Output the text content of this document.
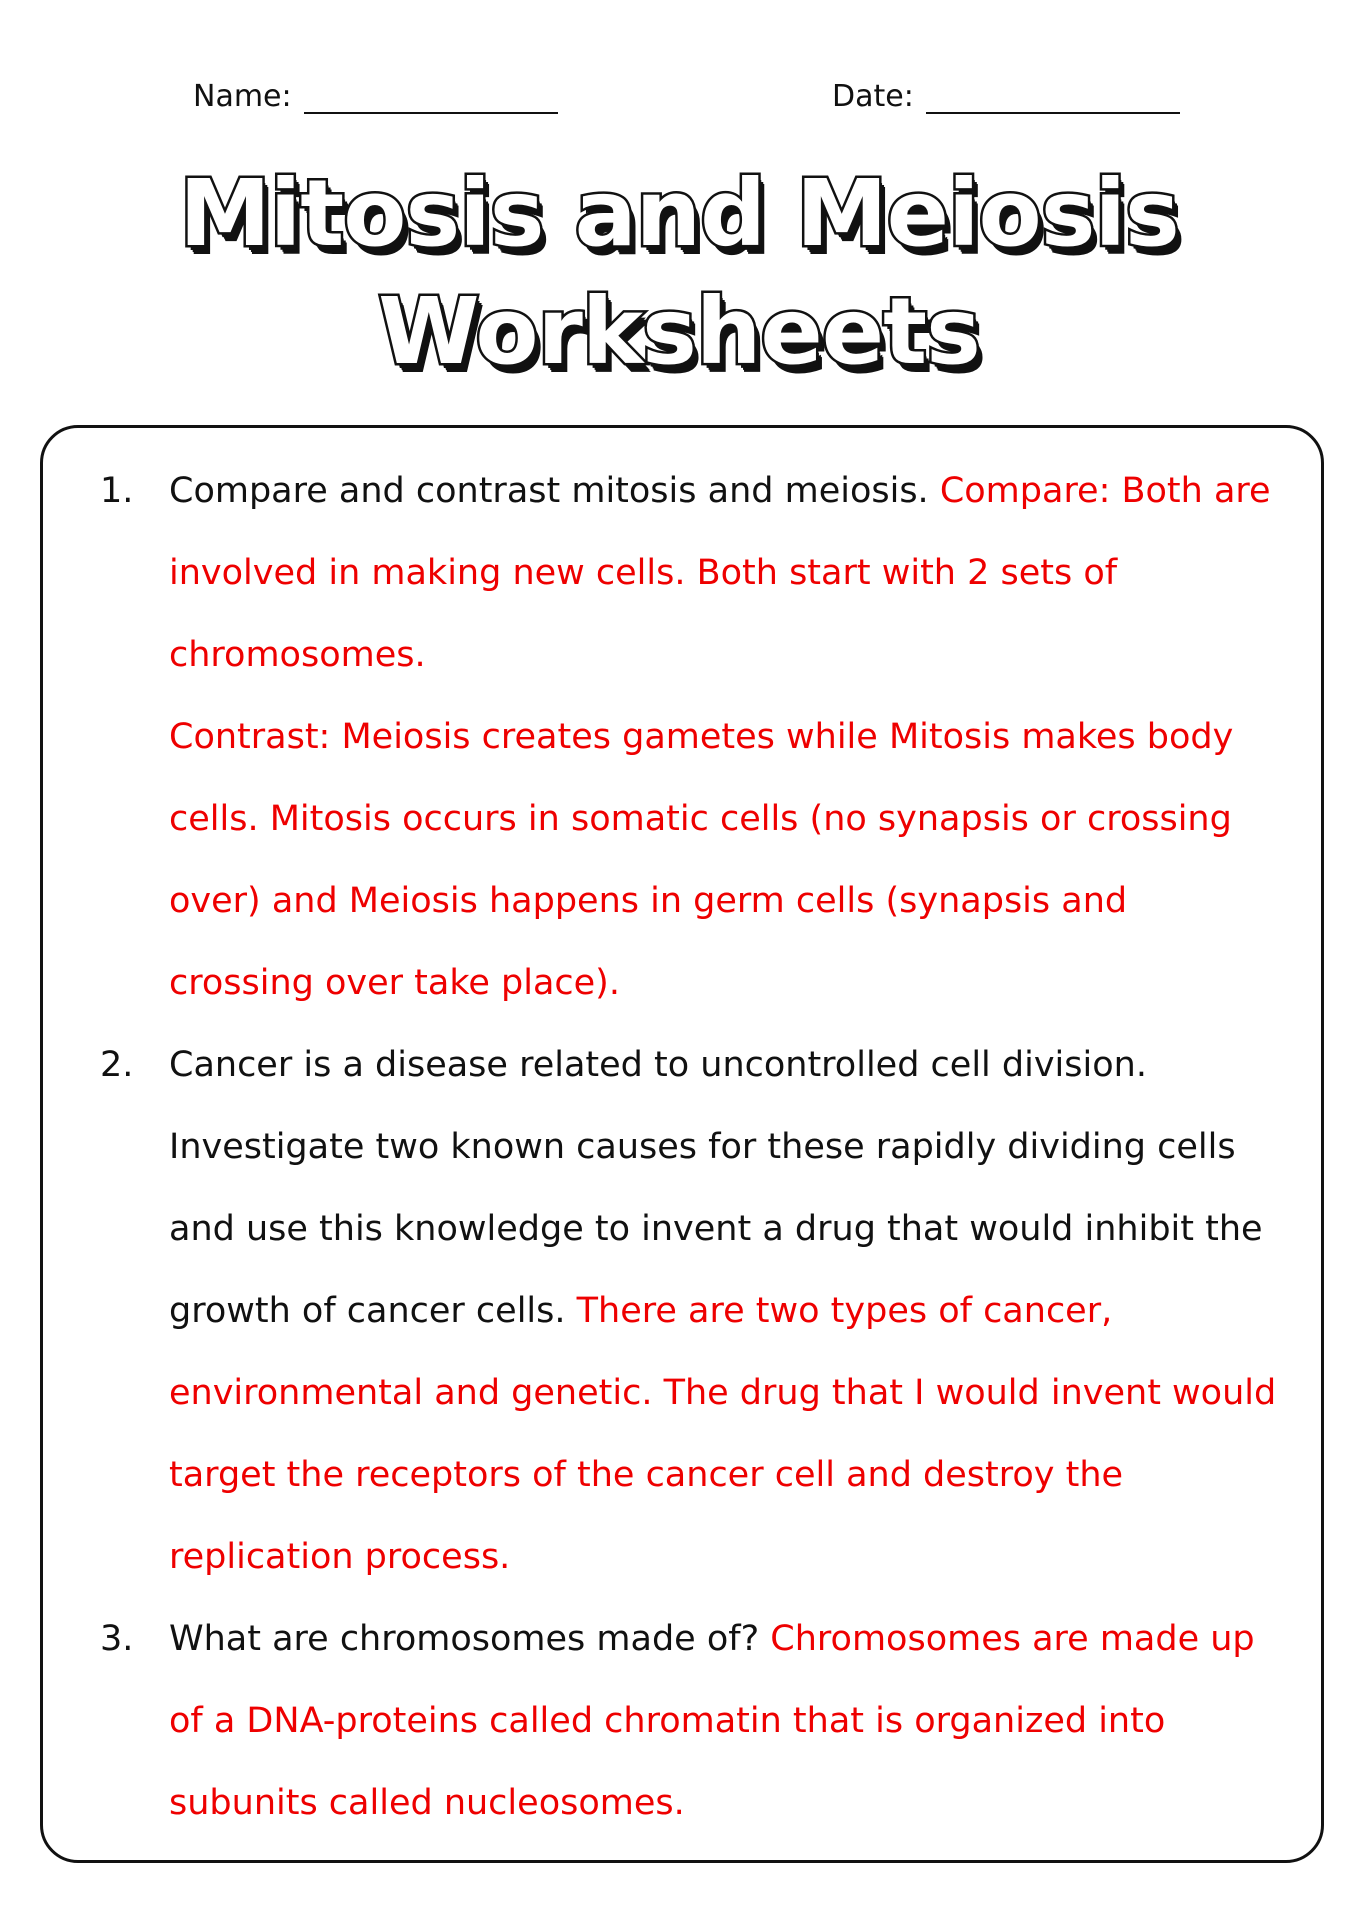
Name:	Date:
Mitosis and Meiosis
Worksheets
1. Compare and contrast mitosis and meiosis. Compare: Both are involved in making new cells. Both start with 2 sets of chromosomes.
Contrast: Meiosis creates gametes while Mitosis makes body cells. Mitosis occurs in somatic cells (no synapsis or crossing over) and Meiosis happens in germ cells (synapsis and crossing over take place).
2. Cancer is a disease related to uncontrolled cell division. Investigate two known causes for these rapidly dividing cells and use this knowledge to invent a drug that would inhibit the growth of cancer cells. There are two types of cancer, environmental and genetic. The drug that I would invent would target the receptors of the cancer cell and destroy the replication process.
3. What are chromosomes made of? Chromosomes are made up of a DNA-proteins called chromatin that is organized into subunits called nucleosomes.
